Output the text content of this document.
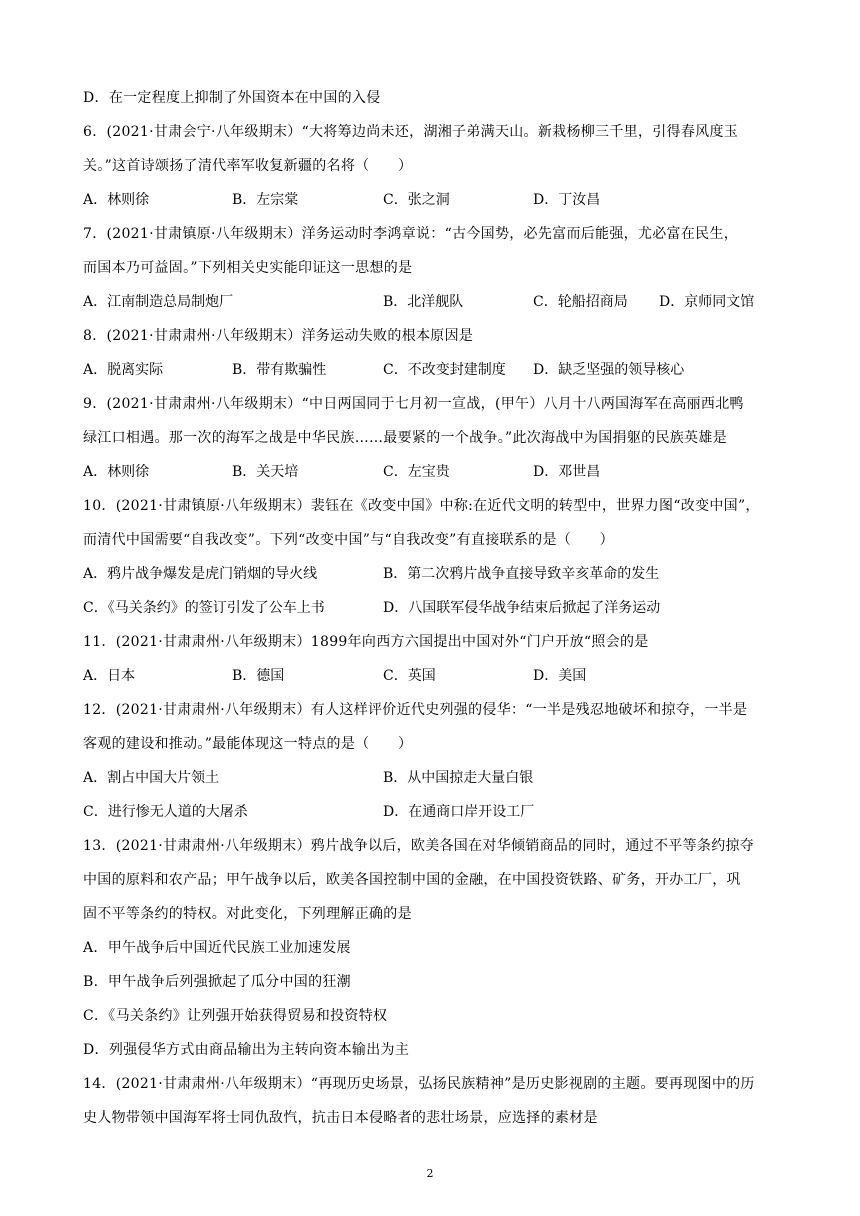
D．在一定程度上抑制了外国资本在中国的入侵
6．(2021·甘肃会宁·八年级期末）“大将筹边尚未还，湖湘子弟满天山。新栽杨柳三千里，引得春风度玉
关。”这首诗颂扬了清代率军收复新疆的名将（　　）
A．林则徐	B．左宗棠	C．张之洞	D．丁汝昌
7．(2021·甘肃镇原·八年级期末）洋务运动时李鸿章说：“古今国势，必先富而后能强，尤必富在民生，
而国本乃可益固。”下列相关史实能印证这一思想的是
A．江南制造总局制炮厂	B．北洋舰队	C．轮船招商局 D．京师同文馆
8．(2021·甘肃肃州·八年级期末）洋务运动失败的根本原因是
A．脱离实际	B．带有欺骗性	C．不改变封建制度 D．缺乏坚强的领导核心
9．(2021·甘肃肃州·八年级期末）“中日两国同于七月初一宣战，(甲午）八月十八两国海军在高丽西北鸭
绿江口相遇。那一次的海军之战是中华民族……最要紧的一个战争。”此次海战中为国捐躯的民族英雄是
A．林则徐	B．关天培	C．左宝贵	D．邓世昌
10．(2021·甘肃镇原·八年级期末）裴钰在《改变中国》中称:在近代文明的转型中，世界力图“改变中国”，
而清代中国需要“自我改变”。下列“改变中国”与“自我改变”有直接联系的是（　　）
A．鸦片战争爆发是虎门销烟的导火线	B．第二次鸦片战争直接导致辛亥革命的发生
C．《马关条约》的签订引发了公车上书	D．八国联军侵华战争结束后掀起了洋务运动
11．(2021·甘肃肃州·八年级期末）1899年向西方六国提出中国对外“门户开放“照会的是
A．日本	B．德国	C．英国	D．美国
12．(2021·甘肃肃州·八年级期末）有人这样评价近代史列强的侵华：“一半是残忍地破坏和掠夺，一半是
客观的建设和推动。”最能体现这一特点的是（　　）
A．割占中国大片领土	B．从中国掠走大量白银
C．进行惨无人道的大屠杀	D．在通商口岸开设工厂
13．(2021·甘肃肃州·八年级期末）鸦片战争以后，欧美各国在对华倾销商品的同时，通过不平等条约掠夺
中国的原料和农产品；甲午战争以后，欧美各国控制中国的金融，在中国投资铁路、矿务，开办工厂，巩
固不平等条约的特权。对此变化，下列理解正确的是
A．甲午战争后中国近代民族工业加速发展
B．甲午战争后列强掀起了瓜分中国的狂潮
C．《马关条约》让列强开始获得贸易和投资特权
D．列强侵华方式由商品输出为主转向资本输出为主
14．(2021·甘肃肃州·八年级期末）“再现历史场景，弘扬民族精神”是历史影视剧的主题。要再现图中的历
史人物带领中国海军将士同仇敌忾，抗击日本侵略者的悲壮场景，应选择的素材是
2
